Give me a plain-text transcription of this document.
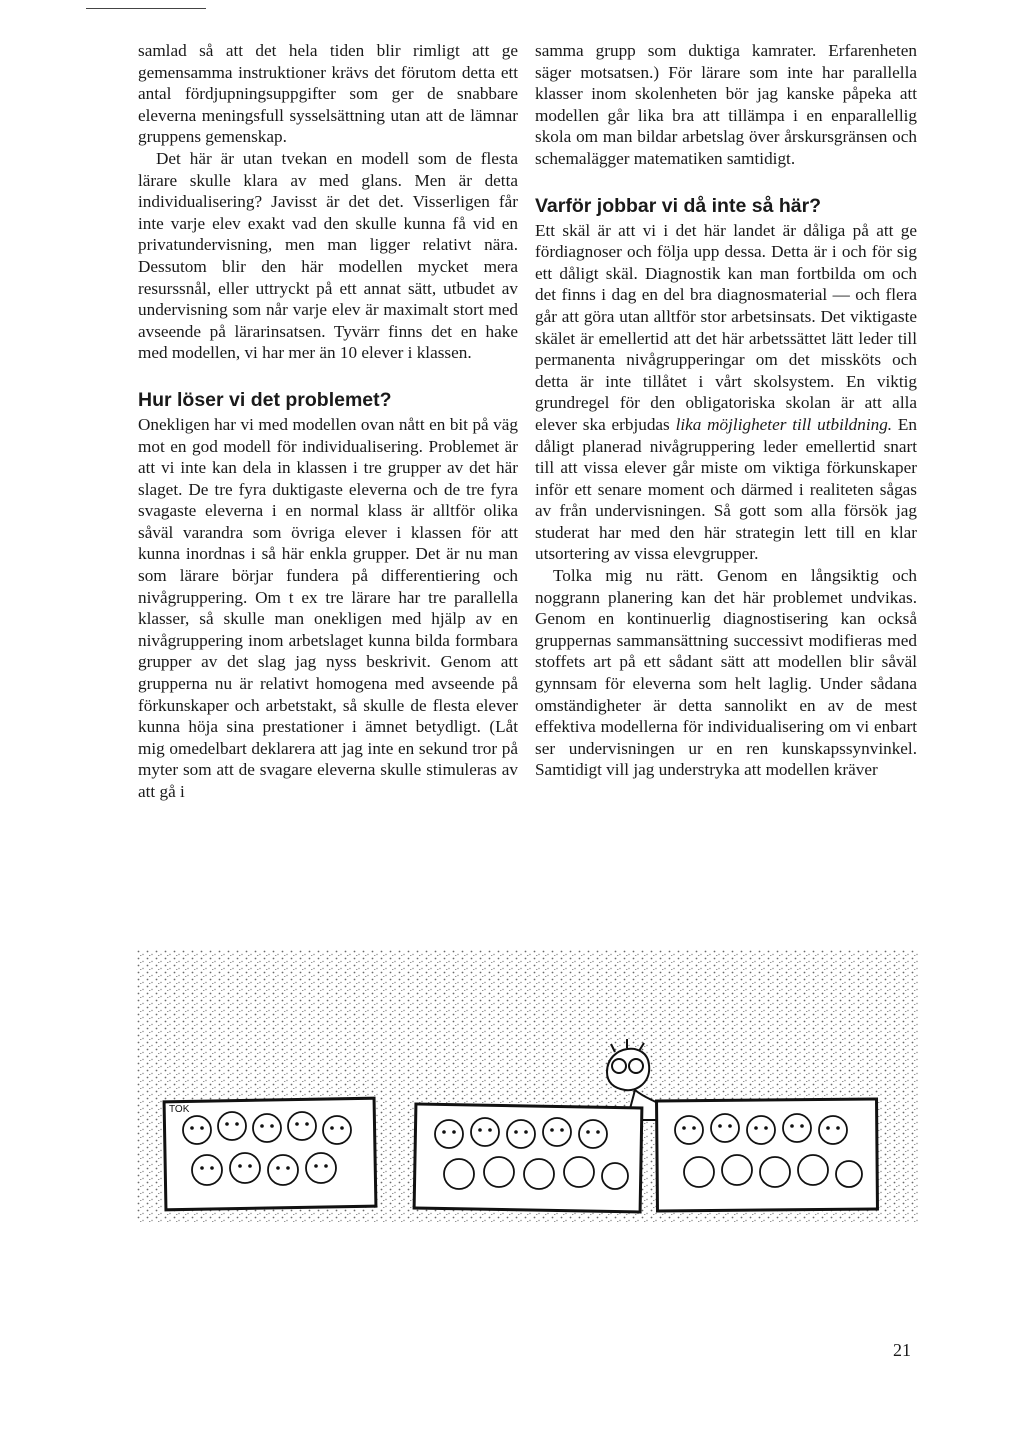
samlad så att det hela tiden blir rimligt att ge gemensamma instruktioner krävs det förutom detta ett antal fördjupningsuppgifter som ger de snabbare eleverna meningsfull sysselsättning utan att de lämnar gruppens gemenskap.

Det här är utan tvekan en modell som de flesta lärare skulle klara av med glans. Men är detta individualisering? Javisst är det det. Visserligen får inte varje elev exakt vad den skulle kunna få vid en privatundervisning, men man ligger relativt nära. Dessutom blir den här modellen mycket mera resurssnål, eller uttryckt på ett annat sätt, utbudet av undervisning som når varje elev är maximalt stort med avseende på lärarinsatsen. Tyvärr finns det en hake med modellen, vi har mer än 10 elever i klassen.

Hur löser vi det problemet?

Onekligen har vi med modellen ovan nått en bit på väg mot en god modell för individualisering. Problemet är att vi inte kan dela in klassen i tre grupper av det här slaget. De tre fyra duktigaste eleverna och de tre fyra svagaste eleverna i en normal klass är alltför olika såväl varandra som övriga elever i klassen för att kunna inordnas i så här enkla grupper. Det är nu man som lärare börjar fundera på differentiering och nivågruppering. Om t ex tre lärare har tre parallella klasser, så skulle man onekligen med hjälp av en nivågruppering inom arbetslaget kunna bilda formbara grupper av det slag jag nyss beskrivit. Genom att grupperna nu är relativt homogena med avseende på förkunskaper och arbetstakt, så skulle de flesta elever kunna höja sina prestationer i ämnet betydligt. (Låt mig omedelbart deklarera att jag inte en sekund tror på myter som att de svagare eleverna skulle stimuleras av att gå i

samma grupp som duktiga kamrater. Erfarenheten säger motsatsen.) För lärare som inte har parallella klasser inom skolenheten bör jag kanske påpeka att modellen går lika bra att tillämpa i en enparallellig skola om man bildar arbetslag över årskursgränsen och schemalägger matematiken samtidigt.

Varför jobbar vi då inte så här?

Ett skäl är att vi i det här landet är dåliga på att ge fördiagnoser och följa upp dessa. Detta är i och för sig ett dåligt skäl. Diagnostik kan man fortbilda om och det finns i dag en del bra diagnosmaterial — och flera går att göra utan alltför stor arbetsinsats. Det viktigaste skälet är emellertid att det här arbetssättet lätt leder till permanenta nivågrupperingar om det missköts och detta är inte tillåtet i vårt skolsystem. En viktig grundregel för den obligatoriska skolan är att alla elever ska erbjudas lika möjligheter till utbildning. En dåligt planerad nivågruppering leder emellertid snart till att vissa elever går miste om viktiga förkunskaper inför ett senare moment och därmed i realiteten sågas av från undervisningen. Så gott som alla försök jag studerat har med den här strategin lett till en klar utsortering av vissa elevgrupper.

Tolka mig nu rätt. Genom en långsiktig och noggrann planering kan det här problemet undvikas. Genom en kontinuerlig diagnostisering kan också gruppernas sammansättning successivt modifieras med stoffets art på ett sådant sätt att modellen blir såväl gynnsam för eleverna som helt laglig. Under sådana omständigheter är detta sannolikt en av de mest effektiva modellerna för individualisering om vi enbart ser undervisningen ur en ren kunskapssynvinkel. Samtidigt vill jag understryka att modellen kräver

TOK
21
